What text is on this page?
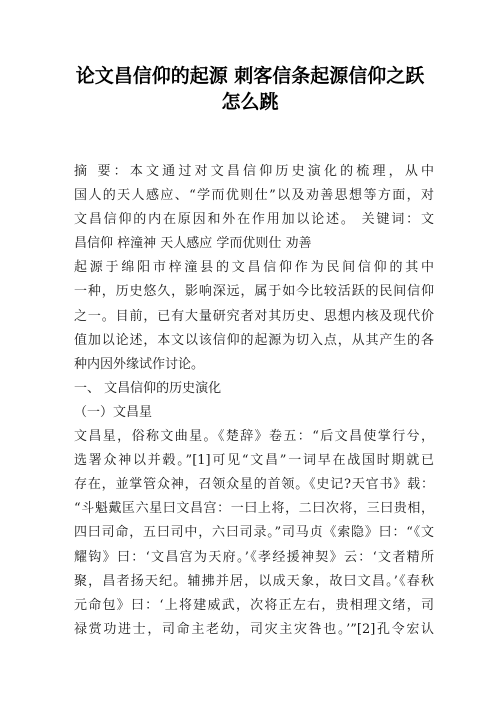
论文昌信仰的起源 刺客信条起源信仰之跃
怎么跳
摘 要：本文通过对文昌信仰历史演化的梳理，从中
国人的天人感应、“学而优则仕”以及劝善思想等方面，对
文昌信仰的内在原因和外在作用加以论述。 关键词：文
昌信仰 梓潼神 天人感应 学而优则仕 劝善
起源于绵阳市梓潼县的文昌信仰作为民间信仰的其中
一种，历史悠久，影响深远，属于如今比较活跃的民间信仰
之一。目前，已有大量研究者对其历史、思想内核及现代价
值加以论述，本文以该信仰的起源为切入点，从其产生的各
种内因外缘试作讨论。
一、 文昌信仰的历史演化
（一）文昌星
文昌星，俗称文曲星。《楚辞》卷五：“后文昌使掌行兮，
选署众神以并毂。”[1]可见“文昌”一词早在战国时期就已
存在，並掌管众神，召领众星的首领。《史记?天官书》载：
“斗魁戴匡六星曰文昌宫：一曰上将，二曰次将，三曰贵相，
四曰司命，五曰司中，六曰司录。”司马贞《索隐》曰：“《文
耀钩》曰：‘文昌宫为天府。’《孝经援神契》云：‘文者精所
聚，昌者扬天纪。辅拂并居，以成天象，故曰文昌。’《春秋
元命包》曰：‘上将建威武，次将正左右，贵相理文绪，司
禄赏功进士，司命主老幼，司灾主灾咎也。’”[2]孔令宏认
